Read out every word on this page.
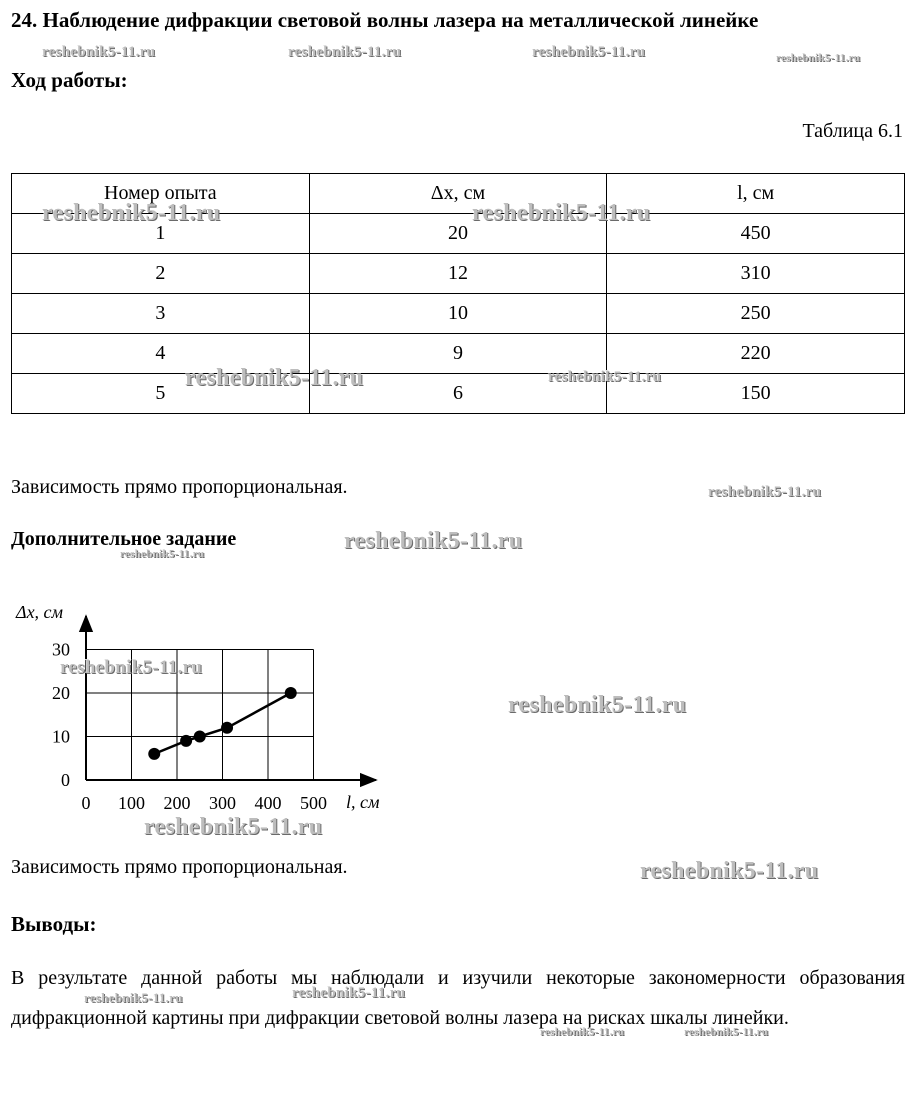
24. Наблюдение дифракции световой волны лазера на металлической линейке
reshebnik5-11.ru	reshebnik5-11.ru	reshebnik5-11.ru	reshebnik5-11.ru
Ход работы:
Таблица 6.1
Номер опыта	Δx, см	l, см
1	20	450
2	12	310
3	10	250
4	9	220
5	6	150
reshebnik5-11.ru	reshebnik5-11.ru
reshebnik5-11.ru	reshebnik5-11.ru
Зависимость прямо пропорциональная.	reshebnik5-11.ru
Дополнительное задание
reshebnik5-11.ru	reshebnik5-11.ru
Δx, см
l, см
0 100 200 300 400 500
0
10
20
30
reshebnik5-11.ru
reshebnik5-11.ru
reshebnik5-11.ru
Зависимость прямо пропорциональная.	reshebnik5-11.ru
Выводы:
В результате данной работы мы наблюдали и изучили некоторые закономерности образования дифракционной картины при дифракции световой волны лазера на рисках шкалы линейки.
reshebnik5-11.ru	reshebnik5-11.ru
reshebnik5-11.ru	reshebnik5-11.ru
